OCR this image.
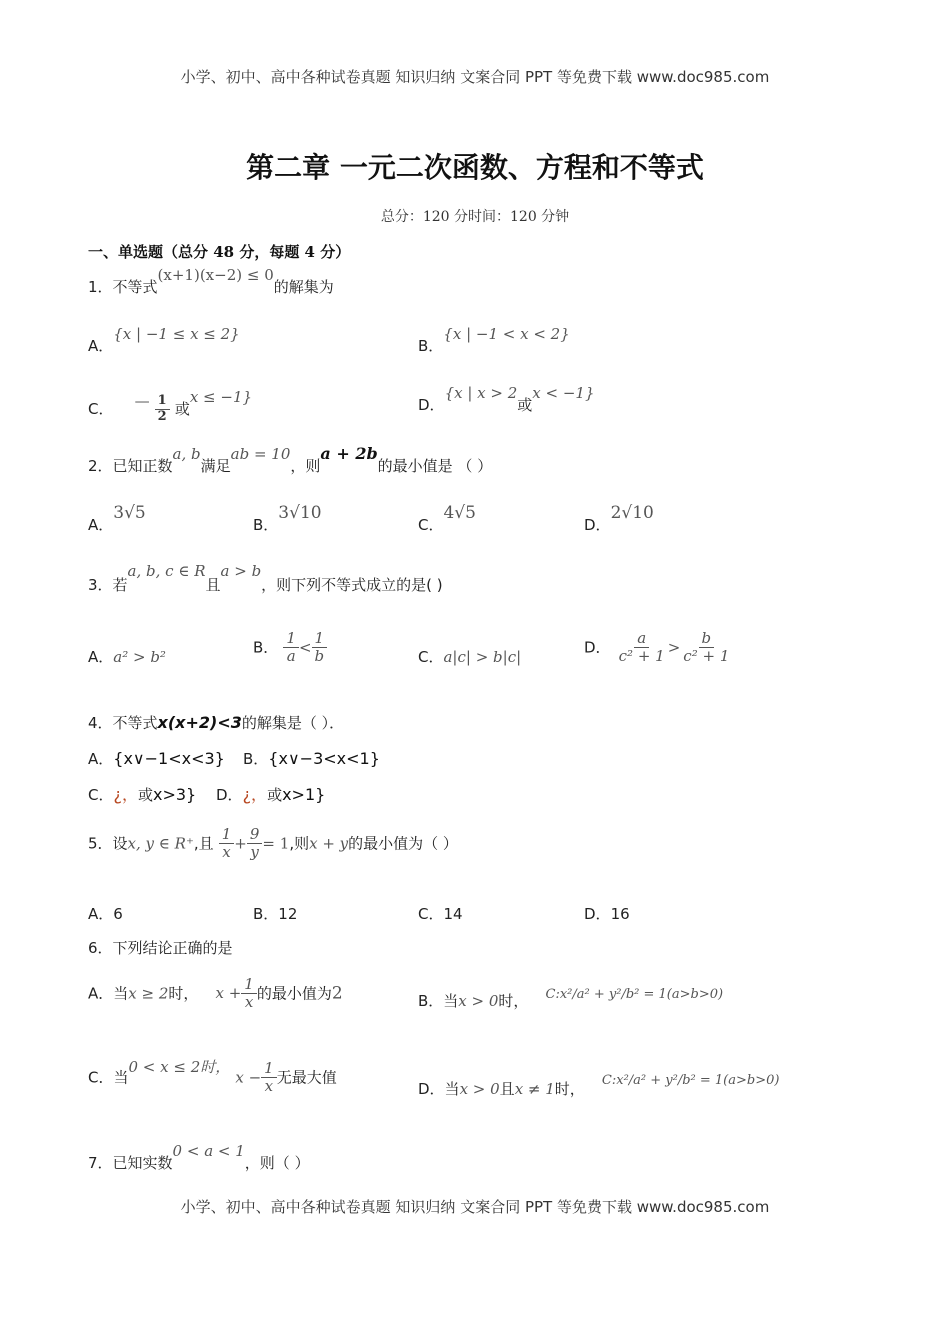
小学、初中、高中各种试卷真题 知识归纳 文案合同 PPT 等免费下载 www.doc985.com
小学、初中、高中各种试卷真题 知识归纳 文案合同 PPT 等免费下载 www.doc985.com
第二章 一元二次函数、方程和不等式
总分：120 分时间：120 分钟
一、单选题（总分 48 分，每题 4 分）
1．不等式(x+1)(x−2) ≤ 0的解集为
A．{x | −1 ≤ x ≤ 2}
B．{x | −1 < x < 2}
C． — $\frac{1}{2}$ 或x ≤ −1}	D．{x | x > 2或x < −1}
2．已知正数a, b满足ab = 10，则a + 2b的最小值是 （ ）
A．3√5
B．3√10
C．4√5
D．2√10
3．若a, b, c ∈ R且a > b，则下列不等式成立的是( )
A．a² > b²
B． $\frac{1}{a} < \frac{1}{b}$	C．a|c| > b|c|
D． $\frac{a}{\text{c² + 1}} > \frac{b}{\text{c² + 1}}$
4．不等式x(x+2)<3的解集是（ ）．
A．{x∨−1<x<3} B．{x∨−3<x<1}
C．¿，或x>3} D．¿，或x>1}
5．设x, y ∈ R⁺,且 $\frac{1}{x} + \frac{9}{y} = 1$,则x + y的最小值为（ ）
A．6	B．12	C．14	D．16
6．下列结论正确的是
A．当x ≥ 2时， $x + \frac{1}{x}$ 的最小值为2	B．当x > 0时， $^{C:x^2/a^2 + y^2/b^2 = 1(a>b>0)}$
C．当0 < x ≤ 2时， $x - \frac{1}{x}$ 无最大值
D．当x > 0且x ≠ 1时， $^{C:x^2/a^2 + y^2/b^2 = 1(a>b>0)}$
7．已知实数0 < a < 1，则（ ）
